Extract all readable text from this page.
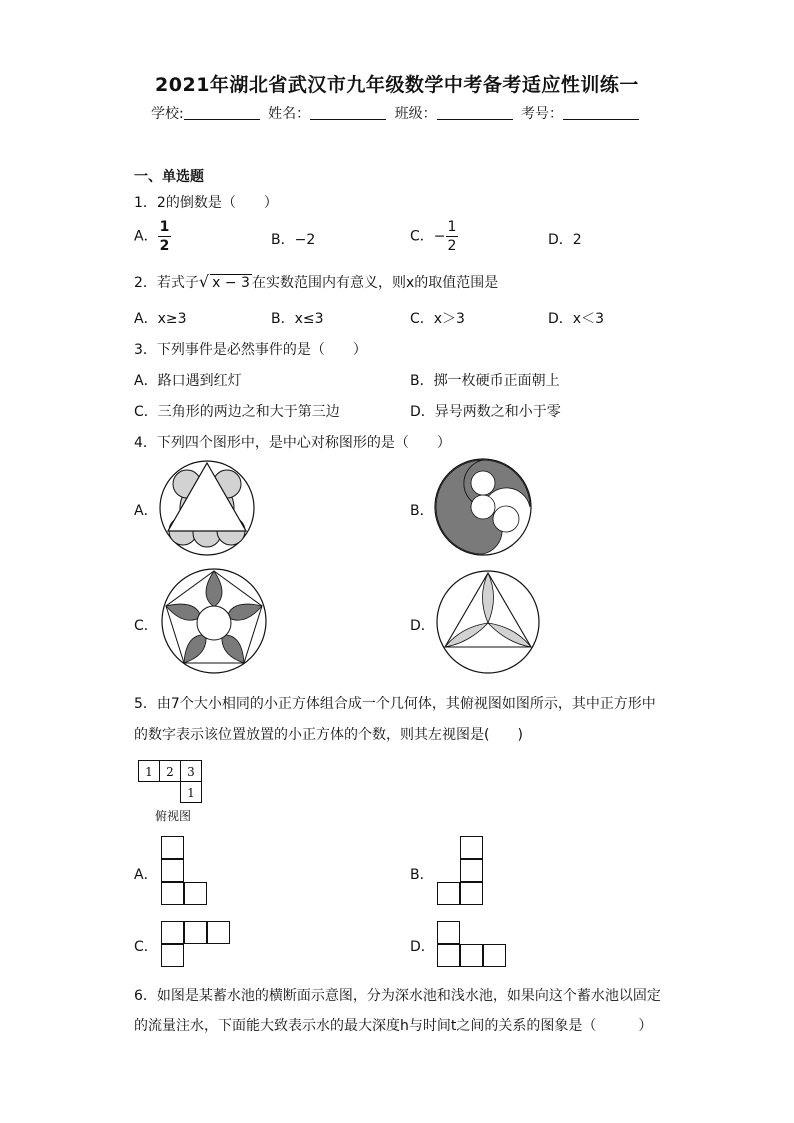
2021年湖北省武汉市九年级数学中考备考适应性训练一
学校:	姓名：	班级：	考号：
一、单选题
1．2的倒数是（　　）
A． $\frac{1}{2}$	B．−2	C．− $\frac{1}{2}$	D．2
2．若式子√ x − 3 在实数范围内有意义，则x的取值范围是
A．x≥3	B．x≤3	C．x＞3	D．x＜3
3．下列事件是必然事件的是（　　）
A．路口遇到红灯	B．掷一枚硬币正面朝上
C．三角形的两边之和大于第三边	D．异号两数之和小于零
4．下列四个图形中，是中心对称图形的是（　　）
A．	B．
C．	D．
5．由7个大小相同的小正方体组合成一个几何体，其俯视图如图所示，其中正方形中
的数字表示该位置放置的小正方体的个数，则其左视图是(　　)
1	2	3
1
俯视图
A．	B．
C．	D．
6．如图是某蓄水池的横断面示意图，分为深水池和浅水池，如果向这个蓄水池以固定
的流量注水，下面能大致表示水的最大深度h与时间t之间的关系的图象是（　　　）
